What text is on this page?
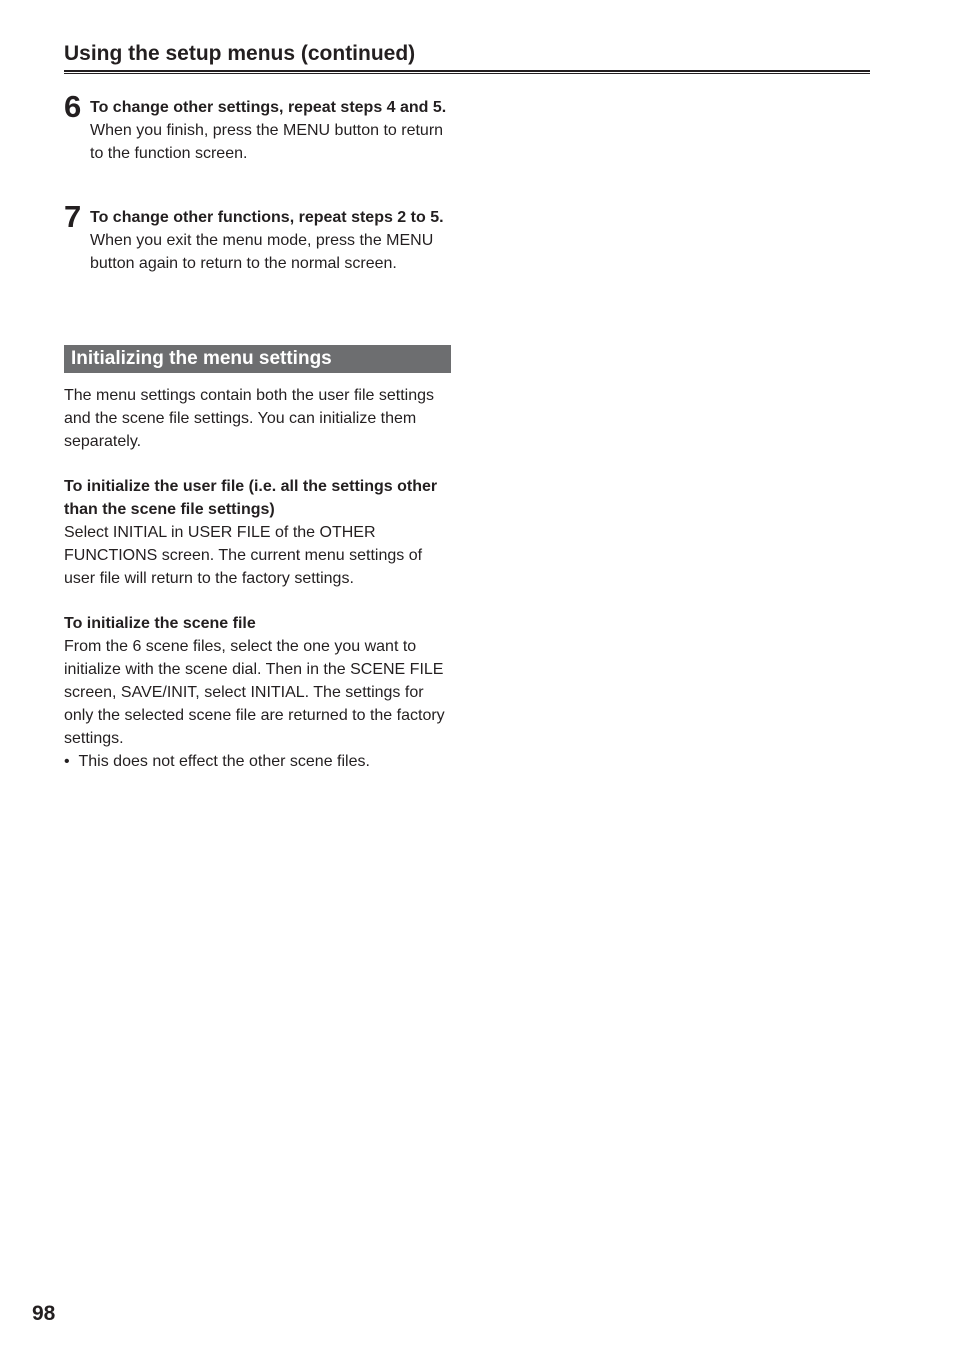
Using the setup menus (continued)
6 To change other settings, repeat steps 4 and 5.

When you finish, press the MENU button to return to the function screen.

7 To change other functions, repeat steps 2 to 5.

When you exit the menu mode, press the MENU button again to return to the normal screen.

Initializing the menu settings

The menu settings contain both the user file settings and the scene file settings. You can initialize them separately.

To initialize the user file (i.e. all the settings other than the scene file settings)
Select INITIAL in USER FILE of the OTHER FUNCTIONS screen. The current menu settings of user file will return to the factory settings.

To initialize the scene file
From the 6 scene files, select the one you want to initialize with the scene dial. Then in the SCENE FILE screen, SAVE/INIT, select INITIAL. The settings for only the selected scene file are returned to the factory settings.
•  This does not effect the other scene files.

98
